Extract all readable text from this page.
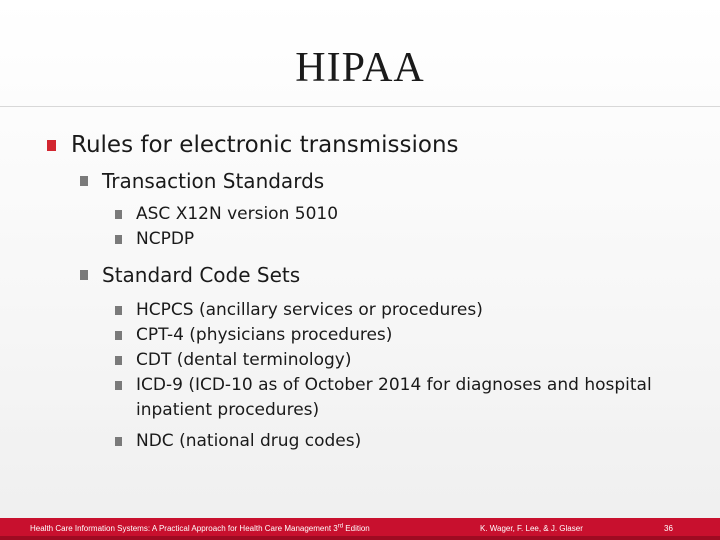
HIPAA
Rules for electronic transmissions
Transaction Standards
ASC X12N version 5010
NCPDP
Standard Code Sets
HCPCS (ancillary services or procedures)
CPT-4 (physicians procedures)
CDT (dental terminology)
ICD-9 (ICD-10 as of October 2014 for diagnoses and hospital inpatient procedures)
NDC (national drug codes)
Health Care Information Systems: A Practical Approach for Health Care Management 3rd Edition	K. Wager, F. Lee, & J. Glaser	36
